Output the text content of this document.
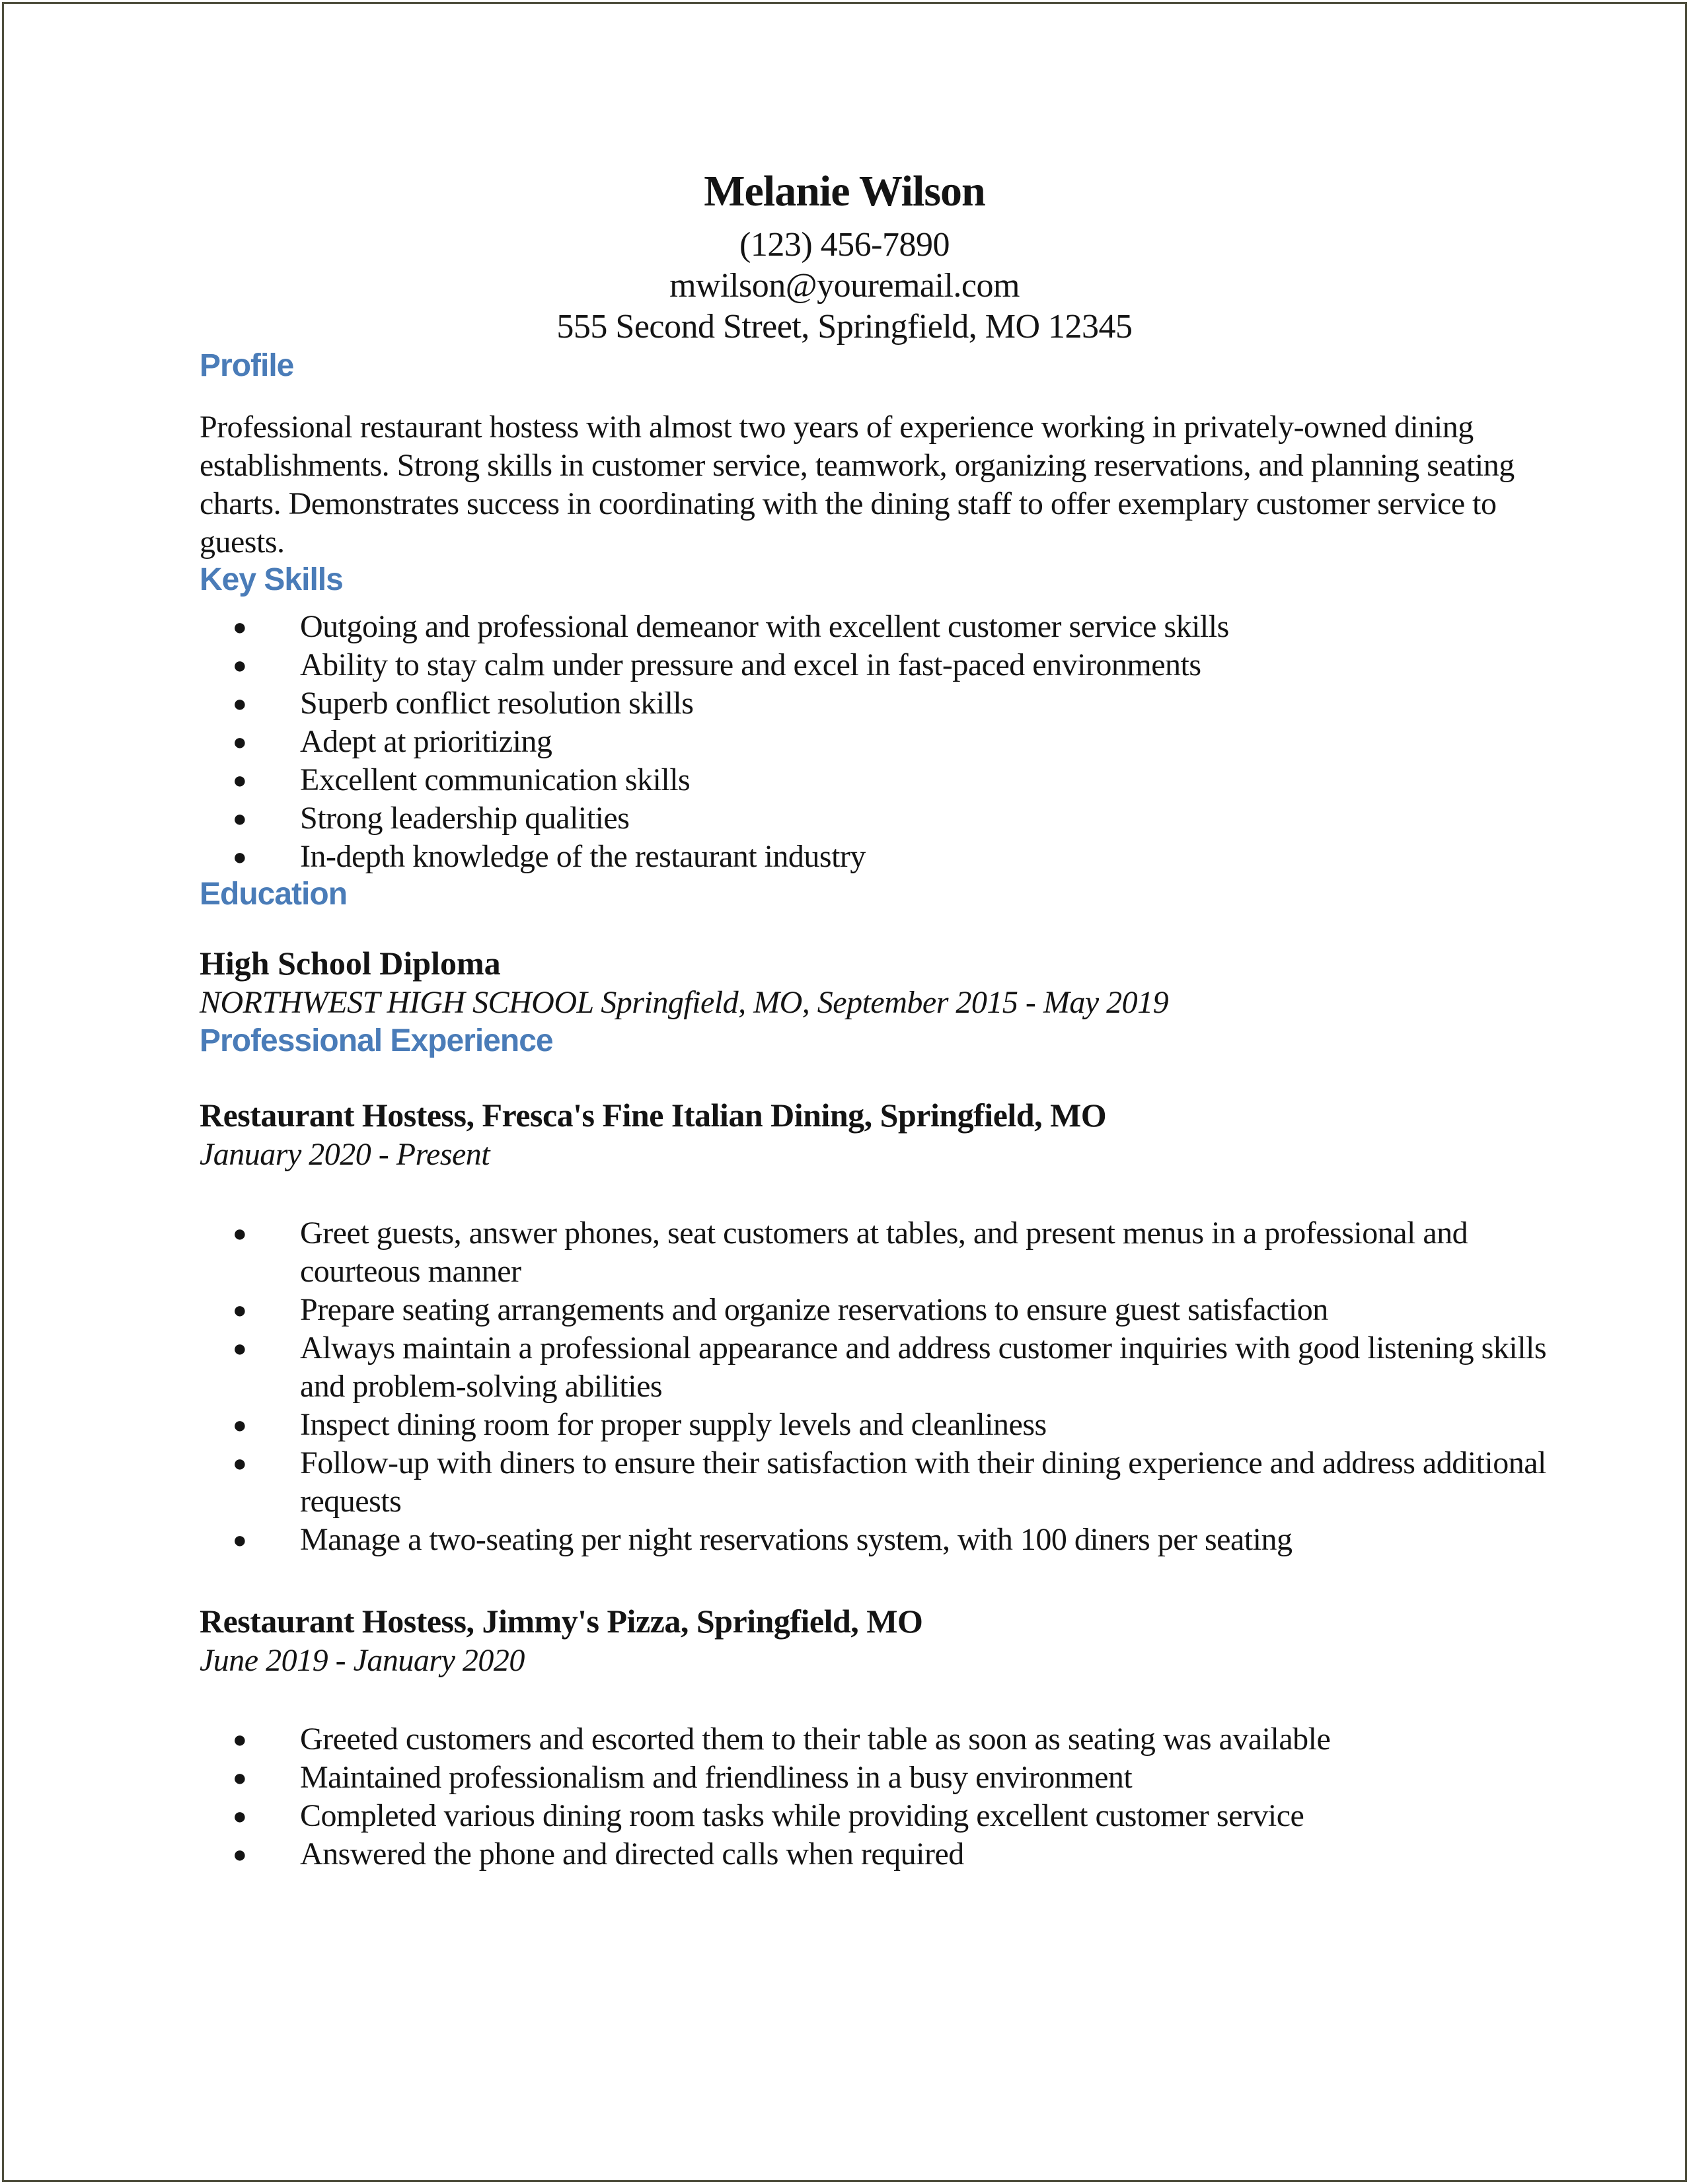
Melanie Wilson
(123) 456-7890
mwilson@youremail.com
555 Second Street, Springfield, MO 12345
Profile

Professional restaurant hostess with almost two years of experience working in privately-owned dining establishments. Strong skills in customer service, teamwork, organizing reservations, and planning seating charts. Demonstrates success in coordinating with the dining staff to offer exemplary customer service to guests.

Key Skills
● Outgoing and professional demeanor with excellent customer service skills
● Ability to stay calm under pressure and excel in fast-paced environments
● Superb conflict resolution skills
● Adept at prioritizing
● Excellent communication skills
● Strong leadership qualities
● In-depth knowledge of the restaurant industry
Education
High School Diploma
NORTHWEST HIGH SCHOOL Springfield, MO, September 2015 - May 2019
Professional Experience
Restaurant Hostess, Fresca's Fine Italian Dining, Springfield, MO
January 2020 - Present
● Greet guests, answer phones, seat customers at tables, and present menus in a professional and courteous manner
● Prepare seating arrangements and organize reservations to ensure guest satisfaction
● Always maintain a professional appearance and address customer inquiries with good listening skills and problem-solving abilities
● Inspect dining room for proper supply levels and cleanliness
● Follow-up with diners to ensure their satisfaction with their dining experience and address additional requests
● Manage a two-seating per night reservations system, with 100 diners per seating
Restaurant Hostess, Jimmy's Pizza, Springfield, MO
June 2019 - January 2020
● Greeted customers and escorted them to their table as soon as seating was available
● Maintained professionalism and friendliness in a busy environment
● Completed various dining room tasks while providing excellent customer service
● Answered the phone and directed calls when required
